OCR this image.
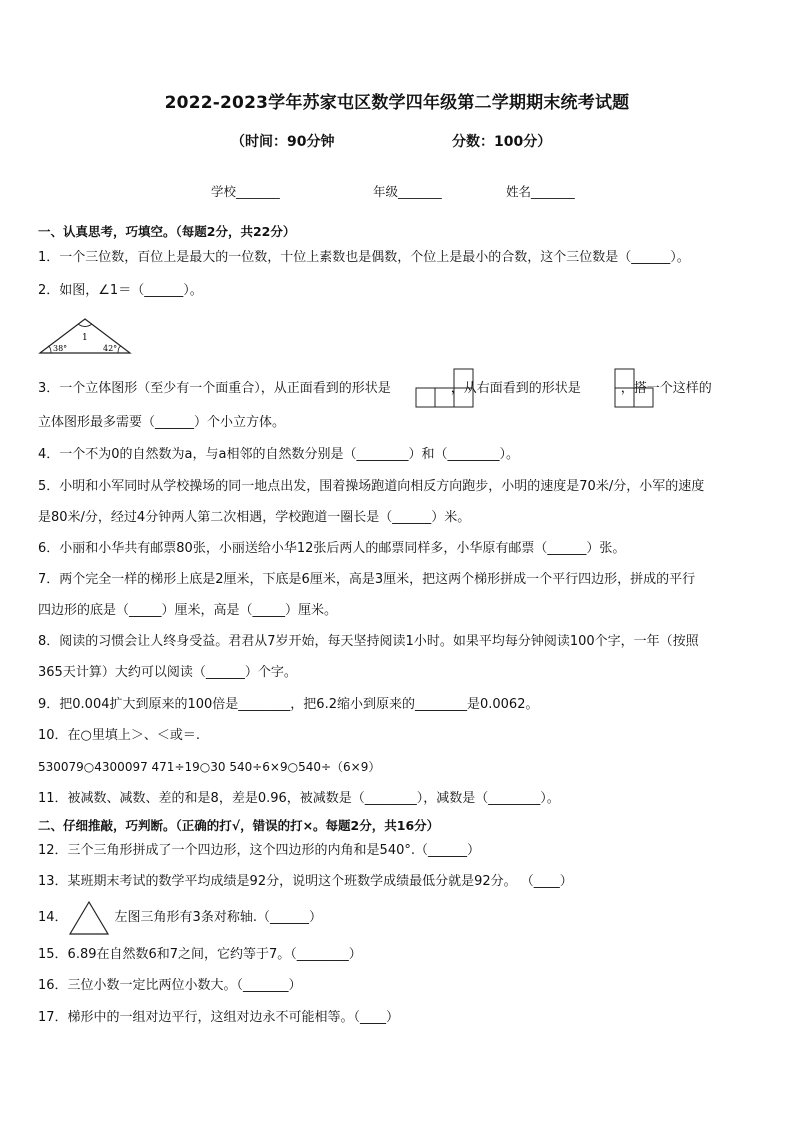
2022-2023学年苏家屯区数学四年级第二学期期末统考试题
（时间：90分钟	分数：100分）
学校_______	年级_______	姓名_______
一、认真思考，巧填空。（每题2分，共22分）
1．一个三位数，百位上是最大的一位数，十位上素数也是偶数，个位上是最小的合数，这个三位数是（______）。
2．如图，∠1＝（______）。
1
38°	42°
3．一个立体图形（至少有一个面重合），从正面看到的形状是	，从右面看到的形状是	，搭一个这样的
立体图形最多需要（______）个小立方体。
4．一个不为0的自然数为a，与a相邻的自然数分别是（________）和（________）。
5．小明和小军同时从学校操场的同一地点出发，围着操场跑道向相反方向跑步，小明的速度是70米/分，小军的速度
是80米/分，经过4分钟两人第二次相遇，学校跑道一圈长是（______）米。
6．小丽和小华共有邮票80张，小丽送给小华12张后两人的邮票同样多，小华原有邮票（______）张。
7．两个完全一样的梯形上底是2厘米，下底是6厘米，高是3厘米，把这两个梯形拼成一个平行四边形，拼成的平行
四边形的底是（_____）厘米，高是（_____）厘米。
8．阅读的习惯会让人终身受益。君君从7岁开始，每天坚持阅读1小时。如果平均每分钟阅读100个字，一年（按照
365天计算）大约可以阅读（______）个字。
9．把0.004扩大到原来的100倍是________，把6.2缩小到原来的________是0.0062。
10．在○里填上＞、＜或＝.
530079○4300097 471÷19○30 540÷6×9○540÷（6×9）
11．被减数、减数、差的和是8，差是0.96，被减数是（________），减数是（________）。
二、仔细推敲，巧判断。（正确的打√，错误的打×。每题2分，共16分）
12．三个三角形拼成了一个四边形，这个四边形的内角和是540°.（______）
13．某班期末考试的数学平均成绩是92分，说明这个班数学成绩最低分就是92分。 （____）
14．	左图三角形有3条对称轴.（______）
15．6.89在自然数6和7之间，它约等于7。（________）
16．三位小数一定比两位小数大。（_______）
17．梯形中的一组对边平行，这组对边永不可能相等。（____）
